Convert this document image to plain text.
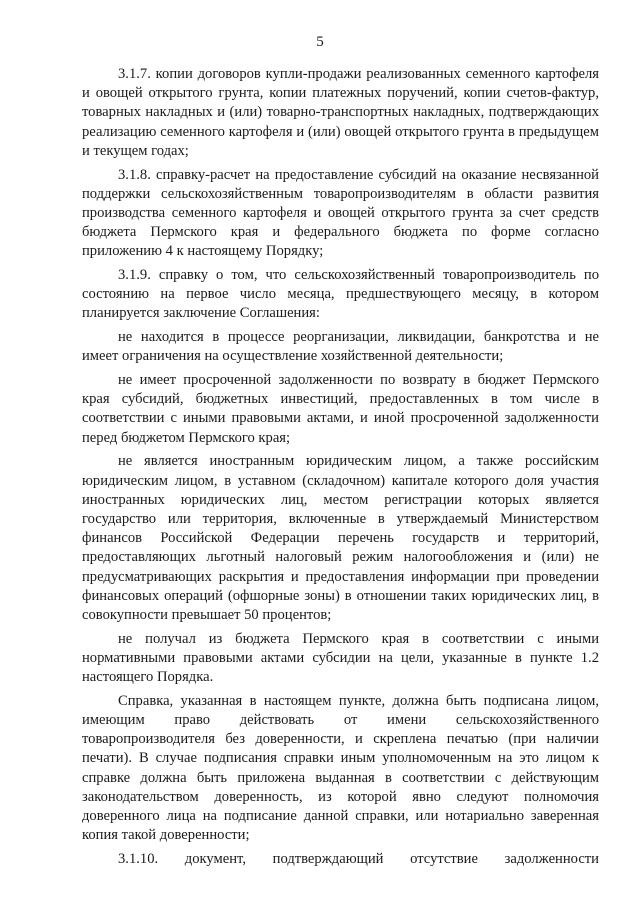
5

3.1.7. копии договоров купли-продажи реализованных семенного картофеля и овощей открытого грунта, копии платежных поручений, копии счетов-фактур, товарных накладных и (или) товарно-транспортных накладных, подтверждающих реализацию семенного картофеля и (или) овощей открытого грунта в предыдущем и текущем годах;

3.1.8. справку-расчет на предоставление субсидий на оказание несвязанной поддержки сельскохозяйственным товаропроизводителям в области развития производства семенного картофеля и овощей открытого грунта за счет средств бюджета Пермского края и федерального бюджета по форме согласно приложению 4 к настоящему Порядку;

3.1.9. справку о том, что сельскохозяйственный товаропроизводитель по состоянию на первое число месяца, предшествующего месяцу, в котором планируется заключение Соглашения:

не находится в процессе реорганизации, ликвидации, банкротства и не имеет ограничения на осуществление хозяйственной деятельности;

не имеет просроченной задолженности по возврату в бюджет Пермского края субсидий, бюджетных инвестиций, предоставленных в том числе в соответствии с иными правовыми актами, и иной просроченной задолженности перед бюджетом Пермского края;

не является иностранным юридическим лицом, а также российским юридическим лицом, в уставном (складочном) капитале которого доля участия иностранных юридических лиц, местом регистрации которых является государство или территория, включенные в утверждаемый Министерством финансов Российской Федерации перечень государств и территорий, предоставляющих льготный налоговый режим налогообложения и (или) не предусматривающих раскрытия и предоставления информации при проведении финансовых операций (офшорные зоны) в отношении таких юридических лиц, в совокупности превышает 50 процентов;

не получал из бюджета Пермского края в соответствии с иными нормативными правовыми актами субсидии на цели, указанные в пункте 1.2 настоящего Порядка.

Справка, указанная в настоящем пункте, должна быть подписана лицом, имеющим право действовать от имени сельскохозяйственного товаропроизводителя без доверенности, и скреплена печатью (при наличии печати). В случае подписания справки иным уполномоченным на это лицом к справке должна быть приложена выданная в соответствии с действующим законодательством доверенность, из которой явно следуют полномочия доверенного лица на подписание данной справки, или нотариально заверенная копия такой доверенности;

3.1.10. документ, подтверждающий отсутствие задолженности
